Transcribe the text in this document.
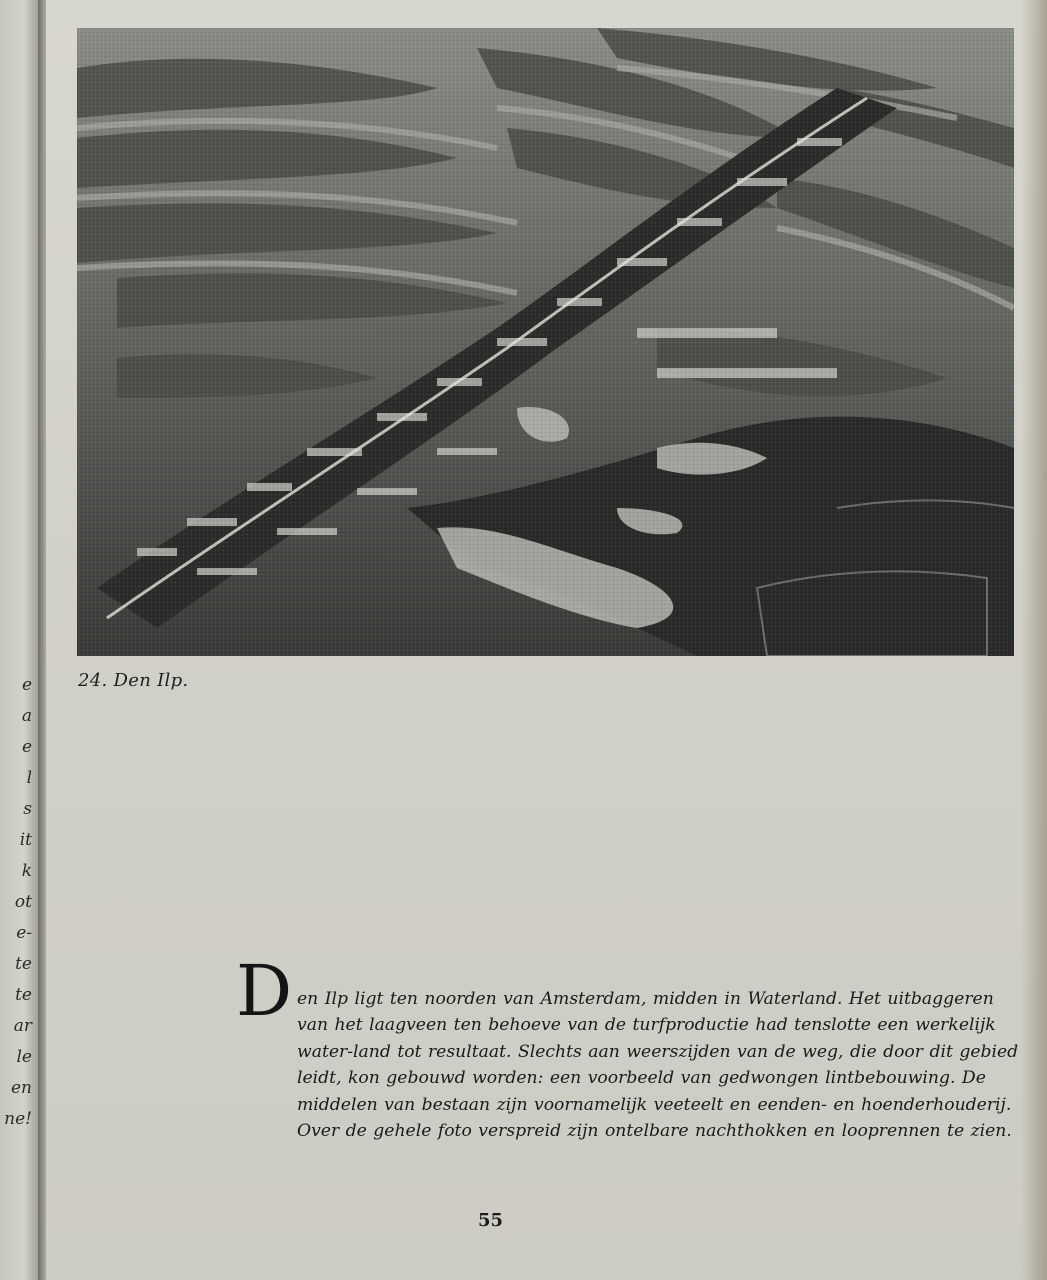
e
a
e
l
s
it
k
ot
e-
te
te
ar
le
en
ne!
24. Den Ilp.
D en Ilp ligt ten noorden van Amsterdam, midden in Waterland. Het uitbaggeren
van het laagveen ten behoeve van de turfproductie had tenslotte een werkelijk
water-land tot resultaat. Slechts aan weerszijden van de weg, die door dit gebied
leidt, kon gebouwd worden: een voorbeeld van gedwongen lintbebouwing. De
middelen van bestaan zijn voornamelijk veeteelt en eenden- en hoenderhouderij.
Over de gehele foto verspreid zijn ontelbare nachthokken en looprennen te zien.
55
